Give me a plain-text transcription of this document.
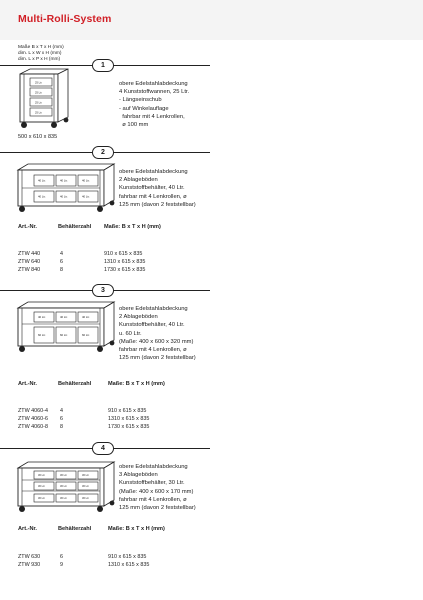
Multi-Rolli-System
Maße B x T x H (mm)
dim. L x W x H (mm)
dim. L x P x H (mm)
1
25 Ltr.
25 Ltr.
25 Ltr.
25 Ltr.
500 x 610 x 835
obere Edelstahlabdeckung
4 Kunststoffwannen, 25 Ltr.
- Längseinschub
- auf Winkelauflage
fahrbar mit 4 Lenkrollen,
ø 100 mm
2
40 Ltr.	40 Ltr.	40 Ltr.
40 Ltr.	40 Ltr.	40 Ltr.
obere Edelstahlabdeckung
2 Ablageböden
Kunststoffbehälter, 40 Ltr.
fahrbar mit 4 Lenkrollen, ø
125 mm (davon 2 feststellbar)
Art.-Nr.	Behälterzahl Maße: B x T x H (mm)
ZTW 440	4	910 x 615 x 835
ZTW 640	6	1310 x 615 x 835
ZTW 840	8	1730 x 615 x 835
3
40 Ltr.	40 Ltr.	40 Ltr.
60 Ltr.	60 Ltr.	60 Ltr.
obere Edelstahlabdeckung
2 Ablageböden
Kunststoffbehälter, 40 Ltr.
u. 60 Ltr.
(Maße: 400 x 600 x 320 mm)
fahrbar mit 4 Lenkrollen, ø
125 mm (davon 2 feststellbar)
Art.-Nr.	Behälterzahl	Maße: B x T x H (mm)
ZTW 4060-4 4	910 x 615 x 835
ZTW 4060-6 6	1310 x 615 x 835
ZTW 4060-8 8	1730 x 615 x 835
4
30 Ltr.	30 Ltr.	30 Ltr.
30 Ltr.	30 Ltr.	30 Ltr.
30 Ltr.	30 Ltr.	30 Ltr.
obere Edelstahlabdeckung
3 Ablageböden
Kunststoffbehälter, 30 Ltr.
(Maße: 400 x 600 x 170 mm)
fahrbar mit 4 Lenkrollen, ø
125 mm (davon 2 feststellbar)
Art.-Nr.	Behälterzahl	Maße: B x T x H (mm)
ZTW 630	6	910 x 615 x 835
ZTW 930	9	1310 x 615 x 835
